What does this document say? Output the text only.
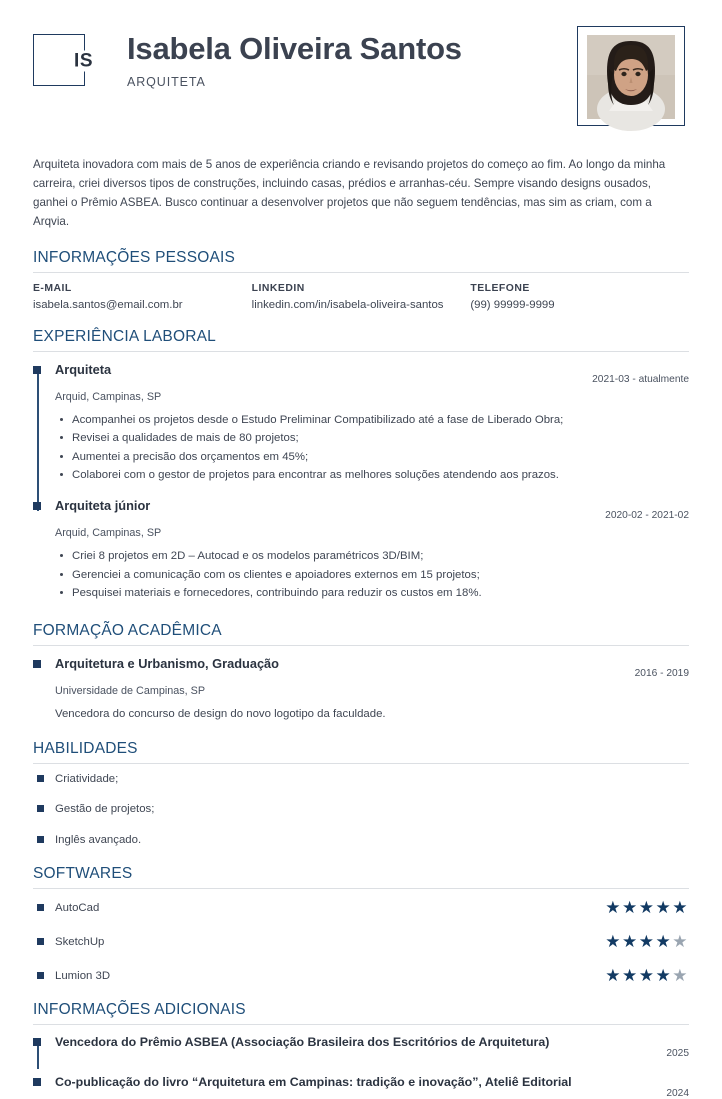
IS Isabela Oliveira Santos
ARQUITETA
Arquiteta inovadora com mais de 5 anos de experiência criando e revisando projetos do começo ao fim. Ao longo da minha carreira, criei diversos tipos de construções, incluindo casas, prédios e arranhas-céu. Sempre visando designs ousados, ganhei o Prêmio ASBEA. Busco continuar a desenvolver projetos que não seguem tendências, mas sim as criam, com a Arqvia.
INFORMAÇÕES PESSOAIS
E-MAIL
isabela.santos@email.com.br
LINKEDIN
linkedin.com/in/isabela-oliveira-santos
TELEFONE
(99) 99999-9999
EXPERIÊNCIA LABORAL
Arquiteta
2021-03 - atualmente
Arquid, Campinas, SP
Acompanhei os projetos desde o Estudo Preliminar Compatibilizado até a fase de Liberado Obra;
Revisei a qualidades de mais de 80 projetos;
Aumentei a precisão dos orçamentos em 45%;
Colaborei com o gestor de projetos para encontrar as melhores soluções atendendo aos prazos.
Arquiteta júnior
2020-02 - 2021-02
Arquid, Campinas, SP
Criei 8 projetos em 2D – Autocad e os modelos paramétricos 3D/BIM;
Gerenciei a comunicação com os clientes e apoiadores externos em 15 projetos;
Pesquisei materiais e fornecedores, contribuindo para reduzir os custos em 18%.
FORMAÇÃO ACADÊMICA
Arquitetura e Urbanismo, Graduação
2016 - 2019
Universidade de Campinas, SP
Vencedora do concurso de design do novo logotipo da faculdade.
HABILIDADES
Criatividade;
Gestão de projetos;
Inglês avançado.
SOFTWARES
AutoCad	★★★★★
SketchUp	★★★★★
Lumion 3D	★★★★★
INFORMAÇÕES ADICIONAIS
Vencedora do Prêmio ASBEA (Associação Brasileira dos Escritórios de Arquitetura)
2025
Co-publicação do livro “Arquitetura em Campinas: tradição e inovação”, Ateliê Editorial
2024
